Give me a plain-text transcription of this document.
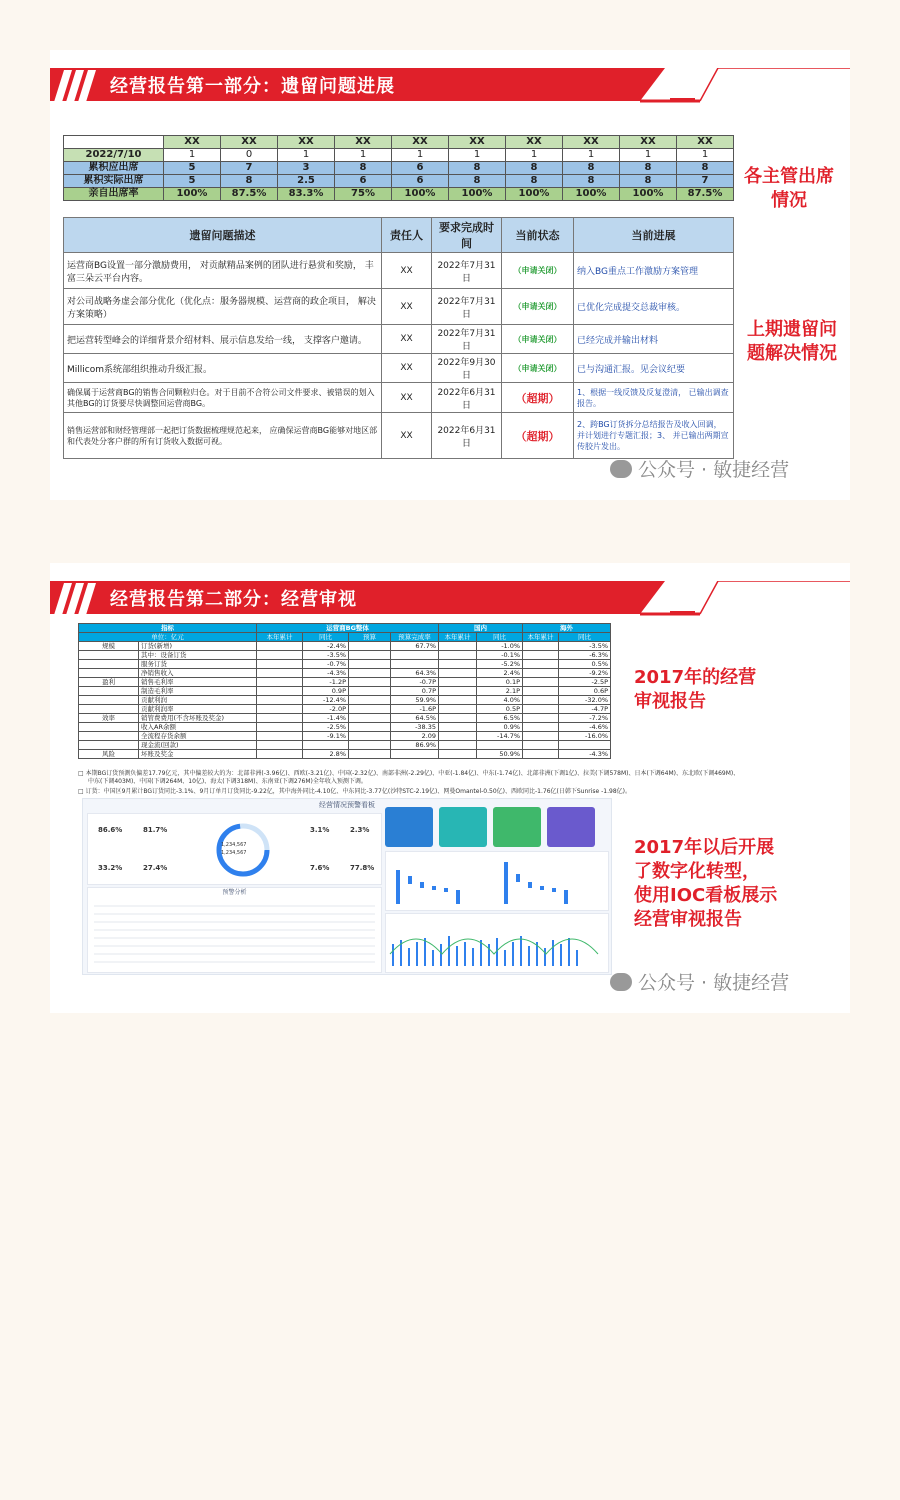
经营报告第一部分：遗留问题进展
	XX	XX	XX	XX	XX	XX	XX	XX	XX	XX
2022/7/10	1	0	1	1	1	1	1	1	1	1
累积应出席	5	7	3	8	6	8	8	8	8	8
累积实际出席	5	8	2.5	6	6	8	8	8	8	7
亲自出席率	100%	87.5%	83.3%	75%	100%	100%	100%	100%	100%	87.5%
各主管出席
情况
遗留问题描述	责任人	要求完成时间	当前状态	当前进展
运营商BG设置一部分激励费用， 对贡献精品案例的团队进行悬赏和奖励， 丰富三朵云平台内容。	XX	2022年7月31日	（申请关闭）	纳入BG重点工作激励方案管理
对公司战略务虚会部分优化（优化点：服务器规模、运营商的政企项目， 解决方案策略）	XX	2022年7月31日	（申请关闭）	已优化完成提交总裁审核。
把运营转型峰会的详细背景介绍材料、展示信息发给一线， 支撑客户邀请。	XX	2022年7月31日	（申请关闭）	已经完成并输出材料
Millicom系统部组织推动升级汇报。	XX	2022年9月30日	（申请关闭）	已与沟通汇报。见会议纪要
确保属于运营商BG的销售合同颗粒归仓。对于目前不合符公司文件要求、被错误的划入其他BG的订货要尽快调整回运营商BG。	XX	2022年6月31日	（超期）	1、根据一线反馈及反复澄清， 已输出调查报告。
销售运营部和财经管理部一起把订货数据梳理规范起来， 应确保运营商BG能够对地区部和代表处分客户群的所有订货收入数据可视。	XX	2022年6月31日	（超期）	2、跨BG订货拆分总结报告及收入回调， 并计划进行专题汇报；3、 并已输出两期宣传胶片发出。
上期遗留问
题解决情况
公众号 · 敏捷经营
经营报告第二部分：经营审视
指标		运营商BG整体				国内		海外	
单位：亿元		本年累计	同比	预算	预算完成率	本年累计	同比	本年累计	同比
规模	订货(新增)		-2.4%		67.7%		-1.0%		-3.5%
	其中：设备订货		-3.5%				-0.1%		-6.3%
	服务订货		-0.7%				-5.2%		0.5%
	净销售收入		-4.3%		64.3%		2.4%		-9.2%
盈利	销售毛利率		-1.2P		-0.7P		0.1P		-2.5P
	制造毛利率		0.9P		0.7P		2.1P		0.6P
	贡献利润		-12.4%		59.9%		4.0%		-32.0%
	贡献利润率		-2.0P		-1.6P		0.5P		-4.7P
效率	销管费费用(不含坏账及奖金)		-1.4%		64.5%		6.5%		-7.2%
	收入AR余额		-2.5%		-38.35		0.9%		-4.6%
	全流程存货余额		-9.1%		2.09		-14.7%		-16.0%
	现金流(回款)				86.9%				
风险	坏账及奖金		2.8%				50.9%		-4.3%
□ 本期BG订货预测负偏差17.79亿元，其中偏差较大的为：北部非洲(-3.96亿)、西欧(-3.21亿)、中国(-2.32亿)、南部非洲(-2.29亿)、中亚(-1.84亿)、中东(-1.74亿)、北部非洲(下调1亿)、拉美(下调578M)、日本(下调64M)、东北欧(下调469M)、
中东(下调403M)、中国(下调264M、10亿)、海太(下调318M)、东南亚(下调276M)全年收入预测下调。
□ 订货：中国区9月累计BG订货同比-3.1%、9月订单月订货同比-9.22亿，其中海外同比-4.10亿、中东同比-3.77亿(沙特STC-2.19亿)、网曼Omantel-0.50亿)、西欧同比-1.76亿(日韩下Sunrise -1.98亿)。
经营情况预警看板
86.6%	81.7%	3.1%	2.3%
33.2%	27.4%	7.6%	77.8%
1,234,567
1,234,567
预警分析
2017年的经营
审视报告
2017年以后开展
了数字化转型，
使用IOC看板展示
经营审视报告
公众号 · 敏捷经营
